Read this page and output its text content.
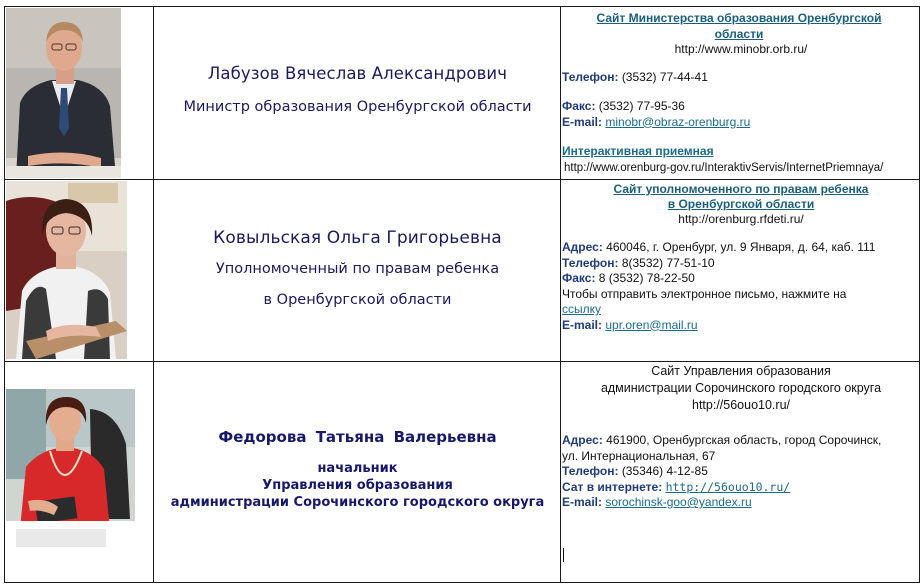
Лабузов Вячеслав Александрович
Министр образования Оренбургской области
Сайт Министерства образования Оренбургской области
http://www.minobr.orb.ru/
Телефон: (3532) 77-44-41
Факс: (3532) 77-95-36
E-mail: minobr@obraz-orenburg.ru
Интерактивная приемная
http://www.orenburg-gov.ru/InteraktivServis/InternetPriemnaya/
Ковыльская Ольга Григорьевна
Уполномоченный по правам ребенка
в Оренбургской области
Сайт уполномоченного по правам ребенка
в Оренбургской области
http://orenburg.rfdeti.ru/
Адрес: 460046, г. Оренбург, ул. 9 Января, д. 64, каб. 111
Телефон: 8(3532) 77-51-10
Факс: 8 (3532) 78-22-50
Чтобы отправить электронное письмо, нажмите на
ссылку
E-mail: upr.oren@mail.ru
Федорова Татьяна Валерьевна
начальник
Управления образования
администрации Сорочинского городского округа
Сайт Управления образования
администрации Сорочинского городского округа
http://56ouo10.ru/
Адрес: 461900, Оренбургская область, город Сорочинск,
ул. Интернациональная, 67
Телефон: (35346) 4-12-85
Сат в интернете: http://56ouo10.ru/
E-mail: sorochinsk-goo@yandex.ru
